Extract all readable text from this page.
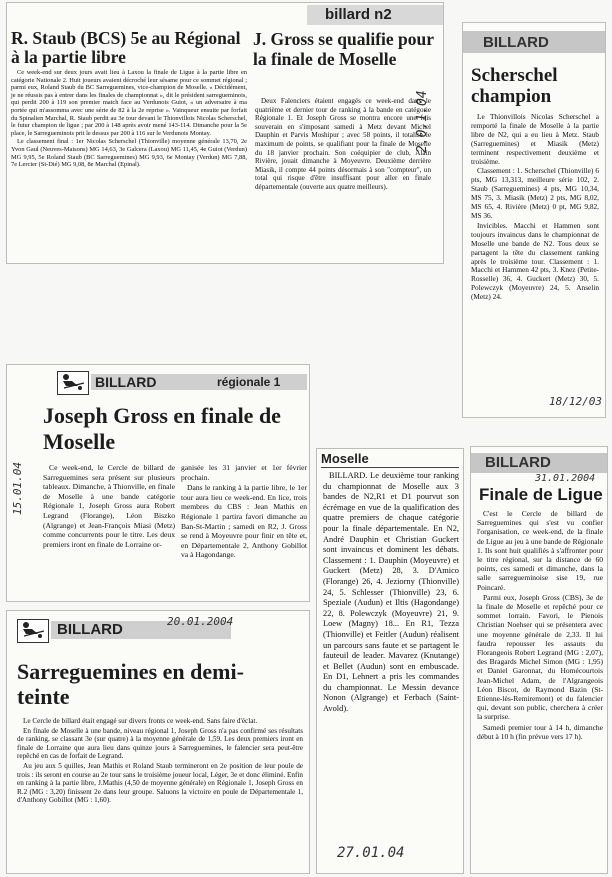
billard n2
R. Staub (BCS) 5e au Régional à la partie libre
J. Gross se qualifie pour la finale de Moselle

Ce week-end sur deux jours avait lieu à Laxou la finale de Ligue à la partie libre en catégorie Nationale 2. Huit joueurs avaient décroché leur sésame pour ce sommet régional ; parmi eux, Roland Staub du BC Sarreguemines, vice-champion de Moselle. « Décidément, je ne réussis pas à entrer dans les finales de championnat », dit le président sarregueminois, qui perdit 200 à 119 son premier match face au Verdunois Guiot, « un adversaire à ma portée qui m'assomma avec une série de 82 à la 2e reprise ». Vainqueur ensuite par forfait du Spinalien Marchal, R. Staub perdit au 3e tour devant le Thionvillois Nicolas Scherschel, le futur champion de ligue ; par 200 à 148 après avoir mené 143-114. Dimanche pour la 5e place, le Sarregueminois prit le dessus par 200 à 116 sur le Verdunois Montay.

Le classement final : 1er Nicolas Scherschel (Thionville) moyenne générale 13,70, 2e Yvon Gaul (Neuves-Maisons) MG 14,63, 3e Galcera (Laxou) MG 11,45, 4e Guiot (Verdun) MG 9,95, 5e Roland Staub (BC Sarreguemines) MG 9,93, 6e Montay (Verdun) MG 7,88, 7e Lercier (St-Dié) MG 9,08, 8e Marchal (Epinal).

Deux Falenciers étaient engagés ce week-end dans le quatrième et dernier tour de ranking à la bande en catégorie Régionale 1. Et Joseph Gross se montra encore une fois souverain en s'imposant samedi à Metz devant Michel Dauphin et Parvis Moshipur ; avec 58 points, il totalise le maximum de points, se qualifiant pour la finale de Moselle du 18 janvier prochain. Son coéquipier de club, Alain Rivière, jouait dimanche à Moyeuvre. Deuxième derrière Miasik, il compte 44 points désormais à son "compteur", un total qui risque d'être insuffisant pour aller en finale départementale (ouverte aux quatre meilleurs).

2.0.1.04
BILLARD
Scherschel champion

Le Thionvillois Nicolas Scherschel a remporté la finale de Moselle à la partie libre de N2, qui a eu lieu à Metz. Staub (Sarreguemines) et Miasik (Metz) terminent respectivement deuxième et troisième.

Classement : 1. Scherschel (Thionville) 6 pts, MG 13,313, meilleure série 102, 2. Staub (Sarreguemines) 4 pts, MG 10,34, MS 75, 3. Miasik (Metz) 2 pts, MG 8,02, MS 65, 4. Rivière (Metz) 0 pt, MG 9,82, MS 36.

Invicibles. Macchi et Hammen sont toujours invaincus dans le championnat de Moselle une bande de N2. Tous deux se partagent la tête du classement ranking après le troisième tour. Classement : 1. Macchi et Hammen 42 pts, 3. Knez (Petite-Rosselle) 36, 4. Guckert (Metz) 30, 5. Polewczyk (Moyeuvre) 24, 5. Anselin (Metz) 24.

18/12/03
BILLARD	régionale 1
Joseph Gross en finale de Moselle

Ce week-end, le Cercle de billard de Sarreguemines sera présent sur plusieurs tableaux. Dimanche, à Thionville, en finale de Moselle à une bande catégorie Régionale 1, Joseph Gross aura Robert Legrand (Florange), Léon Biszko (Algrange) et Jean-François Miasi (Metz) comme concurrents pour le titre. Les deux premiers iront en finale de Lorraine or-

ganisée les 31 janvier et 1er février prochain.

Dans le ranking à la partie libre, le 1er tour aura lieu ce week-end. En lice, trois membres du CBS : Jean Mathis en Régionale 1 partira favori dimanche au Ban-St-Martin ; samedi en R2, J. Gross se rend à Moyeuvre pour finir en tête et, en Départementale 2, Anthony Gobillot va à Hagondange.

15.01.04
Moselle

BILLARD. Le deuxième tour ranking du championnat de Moselle aux 3 bandes de N2,R1 et D1 pourvut son écrémage en vue de la qualification des quatre premiers de chaque catégorie pour la finale départementale. En N2, André Dauphin et Christian Guckert sont invaincus et dominent les débats. Classement : 1. Dauphin (Moyeuvre) et Guckert (Metz) 28, 3. D'Amico (Florange) 26, 4. Jeziorny (Thionville) 24, 5. Schlesser (Thionville) 23, 6. Speziale (Audun) et Iltis (Hagondange) 22, 8. Polewczyk (Moyeuvre) 21, 9. Loew (Magny) 18... En R1, Tezza (Thionville) et Feitler (Audun) réalisent un parcours sans faute et se partagent le fauteuil de leader. Mavarez (Knutange) et Bellet (Audun) sont en embuscade. En D1, Lehnert a pris les commandes du championnat. Le Messin devance Nonon (Algrange) et Ferbach (Saint-Avold).

27.01.04
BILLARD
31.01.2004
Finale de Ligue

C'est le Cercle de billard de Sarreguemines qui s'est vu confier l'organisation, ce week-end, de la finale de Ligue au jeu à une bande de Régionale 1. Ils sont huit qualifiés à s'affronter pour le titre régional, sur la distance de 60 points, ces samedi et dimanche, dans la salle sarregueminoise sise 19, rue Poincaré.

Parmi eux, Joseph Gross (CBS), 3e de la finale de Moselle et repêché pour ce sommet lorrain. Favori, le Pienois Christian Noehser qui se présentera avec une moyenne générale de 2,33. Il lui faudra repousser les assauts du Florangeois Robert Legrand (MG : 2,07), des Bragards Michel Simon (MG : 1,95) et Daniel Garonnat, du Homécourtois Jean-Michel Adam, de l'Algrangeois Léon Biscot, de Raymond Bazin (St-Etienne-lès-Remiremont) et du falencier qui, devant son public, cherchera à créer la surprise.

Samedi premier tour à 14 h, dimanche début à 10 h (fin prévue vers 17 h).

BILLARD	20.01.2004
Sarreguemines en demi-teinte

Le Cercle de billard était engagé sur divers fronts ce week-end. Sans faire d'éclat.

En finale de Moselle à une bande, niveau régional 1, Joseph Gross n'a pas confirmé ses résultats de ranking, se classant 3e (sur quatre) à la moyenne générale de 1,59. Les deux premiers iront en finale de Lorraine que aura lieu dans quinze jours à Sarreguemines, le falencier sera peut-être repêché en cas de forfait de Legrand.

Au jeu aux 5 quilles, Jean Mathis et Roland Staub termineront en 2e position de leur poule de trois : ils seront en course au 2e tour sans le troisième joueur local, Léger, 3e et donc éliminé. Enfin en ranking à la partie libre, J.Mathis (4,50 de moyenne générale) en Régionale 1, Joseph Gross en R.2 (MG : 3,20) finissent 2e dans leur groupe. Saluons la victoire en poule de Départementale 1, d'Anthony Gobillot (MG : 1,60).
